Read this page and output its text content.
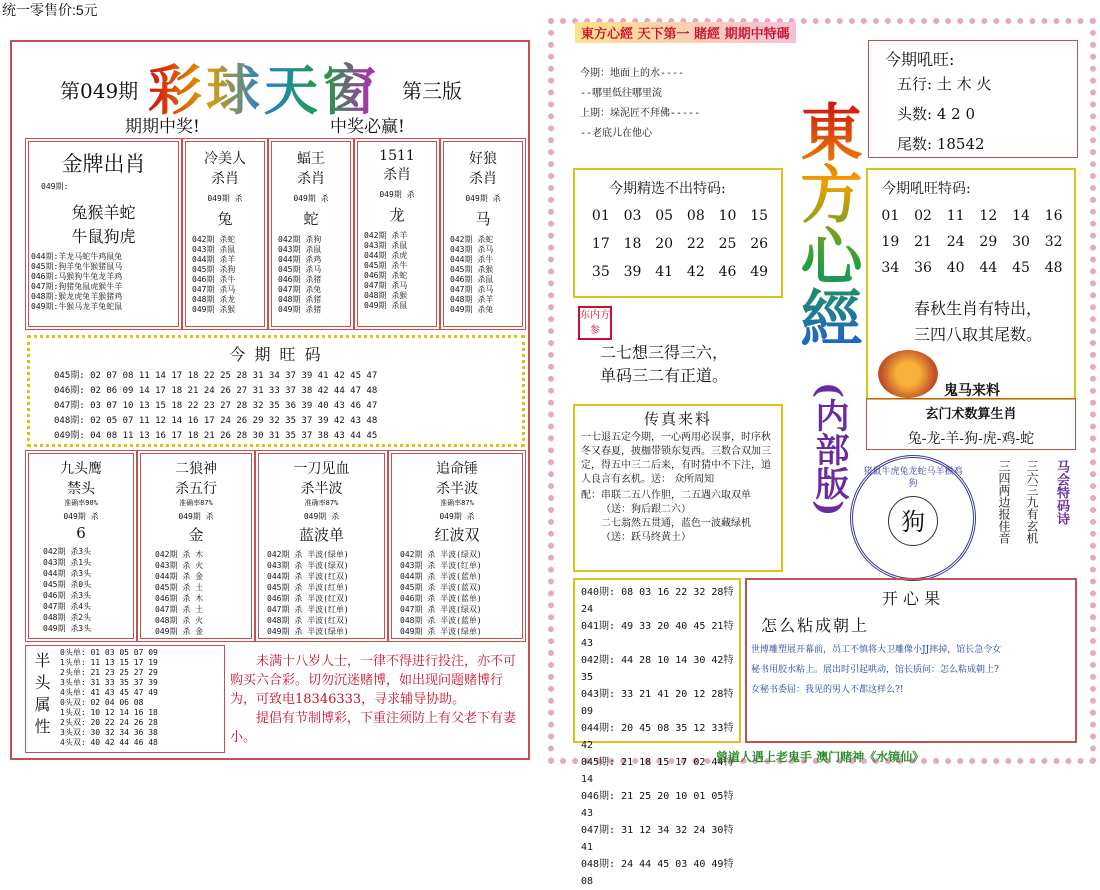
统一零售价:5元
第049期 彩球天窗 第三版
期期中奖!	中奖必赢!
金牌出肖
049期:
兔猴羊蛇
牛鼠狗虎
044期:羊龙马蛇牛鸡鼠兔
045期:狗羊兔牛猴猪鼠马
046期:马猴狗牛兔龙羊鸡
047期:狗猪兔鼠虎猴牛羊
048期:猴龙虎兔羊猴猪鸡
049期:牛猴马龙羊兔蛇鼠
冷美人
杀肖
049期 杀
兔
042期 杀蛇
043期 杀鼠
044期 杀羊
045期 杀狗
046期 杀牛
047期 杀马
048期 杀龙
049期 杀猴
蝠王
杀肖
049期 杀
蛇
042期 杀狗
043期 杀鼠
044期 杀鸡
045期 杀马
046期 杀猪
047期 杀兔
048期 杀猪
049期 杀猪
1511
杀肖
049期 杀
龙
042期 杀羊
043期 杀鼠
044期 杀虎
045期 杀牛
046期 杀蛇
047期 杀马
048期 杀猴
049期 杀鼠
好狼
杀肖
049期 杀
马
042期 杀蛇
043期 杀马
044期 杀牛
045期 杀猴
046期 杀鼠
047期 杀马
048期 杀羊
049期 杀兔
今 期 旺 码
045期: 02 07 08 11 14 17 18 22 25 28 31 34 37 39 41 42 45 47
046期: 02 06 09 14 17 18 21 24 26 27 31 33 37 38 42 44 47 48
047期: 03 07 10 13 15 18 22 23 27 28 32 35 36 39 40 43 46 47
048期: 02 05 07 11 12 14 16 17 24 26 29 32 35 37 39 42 43 48
049期: 04 08 11 13 16 17 18 21 26 28 30 31 35 37 38 43 44 45
九头鹰
禁头
准确率90%
049期 杀
6
042期 杀3头
043期 杀1头
044期 杀3头
045期 杀0头
046期 杀3头
047期 杀4头
048期 杀2头
049期 杀3头
二狼神
杀五行
准确率87%
049期 杀
金
042期 杀 木
043期 杀 火
044期 杀 金
045期 杀 土
046期 杀 木
047期 杀 土
048期 杀 火
049期 杀 金
一刀见血
杀半波
准确率87%
049期 杀
蓝波单
042期 杀 半波(绿单)
043期 杀 半波(绿双)
044期 杀 半波(红双)
045期 杀 半波(红单)
046期 杀 半波(红双)
047期 杀 半波(红单)
048期 杀 半波(红双)
049期 杀 半波(绿单)
追命锤
杀半波
准确率87%
049期 杀
红波双
042期 杀 半波(绿双)
043期 杀 半波(红单)
044期 杀 半波(蓝单)
045期 杀 半波(蓝双)
046期 杀 半波(蓝单)
047期 杀 半波(绿双)
048期 杀 半波(蓝单)
049期 杀 半波(绿单)
半头属性 0头单: 01 03 05 07 09
1头单: 11 13 15 17 19
2头单: 21 23 25 27 29
3头单: 31 33 35 37 39
4头单: 41 43 45 47 49
0头双: 02 04 06 08
1头双: 10 12 14 16 18
2头双: 20 22 24 26 28
3头双: 30 32 34 36 38
4头双: 40 42 44 46 48
未满十八岁人士，一律不得进行投注，亦不可购买六合彩。切勿沉迷赌博，如出现问题赌博行为，可致电18346333，寻求辅导协助。
提倡有节制博彩，下重注须防上有父老下有妻小。
東方心經 天下第一 賭經 期期中特碼
今期：地面上的水----
--哪里低往哪里流
上期：垛泥匠不拜佛-----
--老底儿在他心	東方心經
(内部版)
今期吼旺:
五行: 土 木 火
头数: 4 2 0
尾数: 18542
今期精选不出特码:
01 03 05 08 10 15
17 18 20 22 25 26
35 39 41 42 46 49
今期吼旺特码:
01	02	11	12	14	16
19	21	24	29	30	32
34	36	40	44	45	48
春秋生肖有特出，
三四八取其尾数。
鬼马来料
玄门术数算生肖
兔-龙-羊-狗-虎-鸡-蛇
东内方参
二七想三得三六，
单码三二有正道。
传真来料
一七退五定今期，一心两用必误事，时序秋冬又春夏，披枷带锁东复西。三数合双加三定，得五中三二后来，有时猜中不下注，道人良言有玄机。送： 众所周知
配：串联二五八作胆，二五遇六取双单
（送：狗后跟二六）
二七翁然五贯通，蓝色一波藏绿机
（送：跃马终黄土）
猪鼠牛虎兔龙蛇马羊猴鸡狗
狗	三六三九有玄机
三四两边报佳音	马会特码诗
040期: 08 03 16 22 32 28特24
041期: 49 33 20 40 45 21特43
042期: 44 28 10 14 30 42特35
043期: 33 21 41 20 12 28特09
044期: 20 45 08 35 12 33特42
045期: 21 18 15 17 02 44特14
046期: 21 25 20 10 01 05特43
047期: 31 12 34 32 24 30特41
048期: 24 44 45 03 40 49特08
开 心 果
怎么粘成朝上
世博雕塑展开幕前，员工不慎将大卫雕像小JJ摔掉，馆长急令女
秘书用胶水粘上。展出时引起哄动，馆长质问：怎么粘成朝上?
女秘书委屈：我见的男人不都这样么?!
曾道人遇上老鬼手 澳门赌神《水镜仙》
